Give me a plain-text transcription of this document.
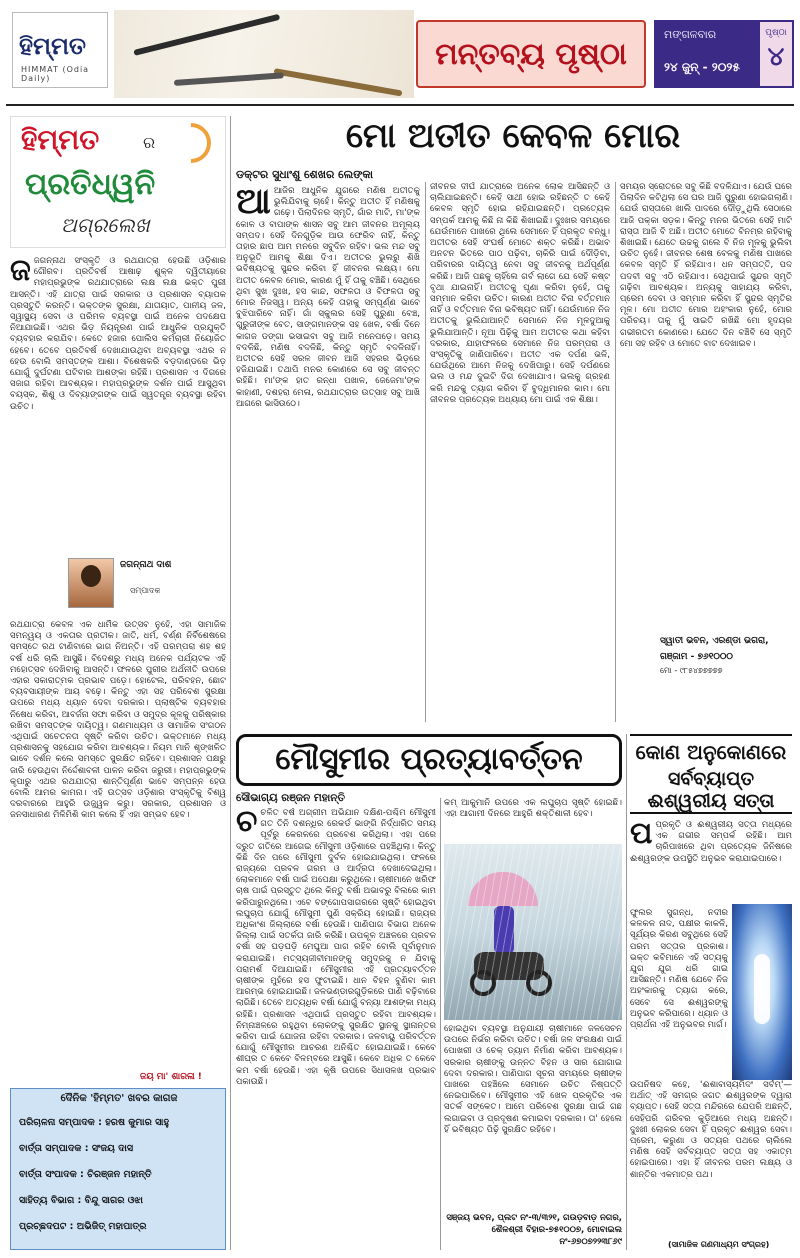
ହିମ୍ମତ
HIMMAT (Odia Daily)
ମନ୍ତବ୍ୟ ପୃଷ୍ଠା
ମଙ୍ଗଳବାର
୨୪ ଜୁନ୍ - ୨୦୨୫
ପୃଷ୍ଠା
୪
ହିମ୍ମତ	ର
ପ୍ରତିଧ୍ୱନି
ଅଗ୍ରଲେଖ
ଜ ଜଗନ୍ନାଥ ସଂସ୍କୃତି ଓ ରଥଯାତ୍ରା ହେଉଛି ଓଡ଼ିଶାର ଗୌରବ। ପ୍ରତିବର୍ଷ ଆଷାଢ଼ ଶୁକ୍ଳ ଦ୍ୱିତୀୟାରେ ମହାପ୍ରଭୁଙ୍କ ରଥଯାତ୍ରାରେ ଲକ୍ଷ ଲକ୍ଷ ଭକ୍ତ ପୁରୀ ଆସନ୍ତି। ଏହି ଯାତ୍ରା ପାଇଁ ସରକାର ଓ ପ୍ରଶାସନ ବ୍ୟାପକ ପ୍ରସ୍ତୁତି କରନ୍ତି। ଭକ୍ତଙ୍କ ସୁରକ୍ଷା, ଯାତାୟାତ, ପାନୀୟ ଜଳ, ସ୍ୱାସ୍ଥ୍ୟ ସେବା ଓ ପରିମଳ ବ୍ୟବସ୍ଥା ପାଇଁ ଅନେକ ପଦକ୍ଷେପ ନିଆଯାଇଛି। ଏଥର ଭିଡ଼ ନିୟନ୍ତ୍ରଣ ପାଇଁ ଆଧୁନିକ ପ୍ରଯୁକ୍ତି ବ୍ୟବହାର କରାଯିବ। କେତେ ହଜାର ପୋଲିସ କର୍ମଚାରୀ ନିୟୋଜିତ ହେବେ। ତେବେ ପ୍ରତିବର୍ଷ ଦେଖାଯାଉଥିବା ଅବ୍ୟବସ୍ଥା ଏଥର ନ ହେଉ ବୋଲି ସମସ୍ତଙ୍କ ଆଶା। ବିଶେଷକରି ବଡ଼ଦାଣ୍ଡରେ ଭିଡ଼ ଯୋଗୁଁ ଦୁର୍ଘଟଣା ଘଟିବାର ଆଶଙ୍କା ରହିଛି। ପ୍ରଶାସନ ଏ ଦିଗରେ ସଜାଗ ରହିବା ଆବଶ୍ୟକ। ମହାପ୍ରଭୁଙ୍କ ଦର୍ଶନ ପାଇଁ ଆସୁଥିବା ବୟସ୍କ, ଶିଶୁ ଓ ଦିବ୍ୟାଙ୍ଗଙ୍କ ପାଇଁ ସ୍ୱତନ୍ତ୍ର ବ୍ୟବସ୍ଥା ରହିବା ଉଚିତ।
ଜଗନ୍ନାଥ ଦାଶ
ସମ୍ପାଦକ
ରଥଯାତ୍ରା କେବଳ ଏକ ଧାର୍ମିକ ଉତ୍ସବ ନୁହେଁ, ଏହା ସାମାଜିକ ସମନ୍ୱୟ ଓ ଏକତାର ପ୍ରତୀକ। ଜାତି, ଧର୍ମ, ବର୍ଣ୍ଣ ନିର୍ବିଶେଷରେ ସମସ୍ତେ ରଥ ଟାଣିବାରେ ଭାଗ ନିଅନ୍ତି। ଏହି ପରମ୍ପରା ଶହ ଶହ ବର୍ଷ ଧରି ଚାଲି ଆସୁଛି। ବିଦେଶରୁ ମଧ୍ୟ ଅନେକ ପର୍ଯ୍ୟଟକ ଏହି ମହୋତ୍ସବ ଦେଖିବାକୁ ଆସନ୍ତି। ଫଳରେ ପୁରୀର ଅର୍ଥନୀତି ଉପରେ ଏହାର ସକାରାତ୍ମକ ପ୍ରଭାବ ପଡ଼େ। ହୋଟେଲ, ପରିବହନ, ଛୋଟ ବ୍ୟବସାୟୀଙ୍କ ଆୟ ବଢ଼େ। କିନ୍ତୁ ଏହା ସହ ପରିବେଶ ସୁରକ୍ଷା ଉପରେ ମଧ୍ୟ ଧ୍ୟାନ ଦେବା ଦରକାର। ପ୍ଲାଷ୍ଟିକ ବ୍ୟବହାର ନିଷେଧ କରିବା, ଆବର୍ଜନା ସଫା କରିବା ଓ ସମୁଦ୍ର କୂଳକୁ ପରିଷ୍କାର ରଖିବା ସମସ୍ତଙ୍କ ଦାୟିତ୍ୱ। ଗଣମାଧ୍ୟମ ଓ ସାମାଜିକ ସଂଗଠନ ଏଥିପାଇଁ ସଚେତନତା ସୃଷ୍ଟି କରିବା ଉଚିତ। ଭକ୍ତମାନେ ମଧ୍ୟ ପ୍ରଶାସନକୁ ସହଯୋଗ କରିବା ଆବଶ୍ୟକ। ନିୟମ ମାନି ଶୃଙ୍ଖଳିତ ଭାବେ ଦର୍ଶନ କଲେ ସମସ୍ତେ ସୁରକ୍ଷିତ ରହିବେ। ପ୍ରଶାସନ ପକ୍ଷରୁ ଜାରି ହେଉଥିବା ନିର୍ଦ୍ଦେଶାବଳୀ ପାଳନ କରିବା ଜରୁରୀ। ମହାପ୍ରଭୁଙ୍କ କୃପାରୁ ଏଥର ରଥଯାତ୍ରା ଶାନ୍ତିପୂର୍ଣ୍ଣ ଭାବେ ସମ୍ପନ୍ନ ହେଉ ବୋଲି ଆମର କାମନା। ଏହି ଉତ୍ସବ ଓଡ଼ିଶାର ସଂସ୍କୃତିକୁ ବିଶ୍ୱ ଦରବାରରେ ଆହୁରି ଉଜ୍ଜ୍ୱଳ କରୁ। ସରକାର, ପ୍ରଶାସନ ଓ ଜନସାଧାରଣ ମିଳିମିଶି କାମ କଲେ ହିଁ ଏହା ସମ୍ଭବ ହେବ।
ଜୟ ମା' ଶାରଳା !
ଦୈନିକ 'ହିମ୍ମତ' ଖବର କାଗଜ
ପରିଚାଳନା ସମ୍ପାଦକ : ହରଷ କୁମାର ସାହୁ
ବାର୍ତ୍ତା ସମ୍ପାଦକ : ସଂଜୟ ଦାସ
ବାର୍ତ୍ତା ସଂପାଦକ : ଚିରଞ୍ଜନ ମହାନ୍ତି
ସାହିତ୍ୟ ବିଭାଗ : ବିନ୍ଦୁ ସାଗର ଓଝା
ପ୍ରଚ୍ଛଦପଟ : ଅଭିଜିତ୍ ମହାପାତ୍ର
ମୋ ଅତୀତ କେବଳ ମୋର
ଡକ୍ଟର ସୁଧାଂଶୁ ଶେଖର ଲେଙ୍କା
ଆ ଆଜିର ଆଧୁନିକ ଯୁଗରେ ମଣିଷ ଅତୀତକୁ ଭୁଲିଯିବାକୁ ଚାହେଁ। କିନ୍ତୁ ଅତୀତ ହିଁ ମଣିଷକୁ ଗଢ଼େ। ପିଲାଦିନର ସ୍ମୃତି, ଗାଁର ମାଟି, ମା'ଙ୍କ କୋଳ ଓ ବାପାଙ୍କ ଶାସନ ସବୁ ଆମ ଜୀବନର ଅମୂଲ୍ୟ ସମ୍ପଦ। ସେହି ଦିନଗୁଡ଼ିକ ଆଉ ଫେରିବ ନାହିଁ, କିନ୍ତୁ ତାହାର ଛାପ ଆମ ମନରେ ସବୁଦିନ ରହିବ। ଭଲ ମନ୍ଦ ସବୁ ଅନୁଭୂତି ଆମକୁ ଶିକ୍ଷା ଦିଏ। ଅତୀତର ଭୁଲରୁ ଶିଖି ଭବିଷ୍ୟତକୁ ସୁନ୍ଦର କରିବା ହିଁ ଜୀବନର ଲକ୍ଷ୍ୟ। ମୋ ଅତୀତ କେବଳ ମୋର, କାରଣ ମୁଁ ହିଁ ତାକୁ ବଞ୍ଚିଛି। ସେଥିରେ ଥିବା ସୁଖ ଦୁଃଖ, ହସ କାନ୍ଦ, ସଫଳତା ଓ ବିଫଳତା ସବୁ ମୋର ନିଜସ୍ୱ। ଅନ୍ୟ କେହି ତାହାକୁ ସମ୍ପୂର୍ଣ୍ଣ ଭାବେ ବୁଝିପାରିବେ ନାହିଁ। ଗାଁ ସ୍କୁଲର ସେହି ପୁରୁଣା ବେଞ୍ଚ, ଗୁରୁଜୀଙ୍କ ବେତ, ସାଙ୍ଗମାନଙ୍କ ସହ ଖେଳ, ବର୍ଷା ଦିନେ କାଗଜ ଡଙ୍ଗା ଭସାଇବା ସବୁ ଆଜି ମନେପଡ଼େ। ସମୟ ବଦଳିଛି, ମଣିଷ ବଦଳିଛି, କିନ୍ତୁ ସ୍ମୃତି ବଦଳିନାହିଁ। ଅତୀତର ସେହି ସରଳ ଜୀବନ ଆଜି ସହରର ଭିଡ଼ରେ ହଜିଯାଇଛି। ତଥାପି ମନର କୋଣରେ ସେ ସବୁ ଜୀବନ୍ତ ରହିଛି। ମା'ଙ୍କ ହାତ ରନ୍ଧା ପଖାଳ, ଜେଜେମା'ଙ୍କ କାହାଣୀ, ଦଶହରା ମେଳା, ରଥଯାତ୍ରାର ଉତ୍ସାହ ସବୁ ଆଖି ଆଗରେ ଭାସିଉଠେ।
ଜୀବନର ଦୀର୍ଘ ଯାତ୍ରାରେ ଅନେକ ଲୋକ ଆସିଛନ୍ତି ଓ ଚାଲିଯାଇଛନ୍ତି। କେହି ସାଥୀ ହୋଇ ରହିଛନ୍ତି ତ କେହି କେବଳ ସ୍ମୃତି ହୋଇ ରହିଯାଇଛନ୍ତି। ପ୍ରତ୍ୟେକ ସମ୍ପର୍କ ଆମକୁ କିଛି ନା କିଛି ଶିଖାଇଛି। ଦୁଃଖର ସମୟରେ ଯେଉଁମାନେ ପାଖରେ ଥିଲେ ସେମାନେ ହିଁ ପ୍ରକୃତ ବନ୍ଧୁ। ଅତୀତର ସେହି ସଂଘର୍ଷ ମୋତେ ଶକ୍ତ କରିଛି। ଅଭାବ ଅନଟନ ଭିତରେ ପାଠ ପଢ଼ିବା, ଚାକିରି ପାଇଁ ଦୌଡ଼ିବା, ପରିବାରର ଦାୟିତ୍ୱ ନେବା ସବୁ ଜୀବନକୁ ଅର୍ଥପୂର୍ଣ୍ଣ କରିଛି। ଆଜି ପଛକୁ ଚାହିଁଲେ ଗର୍ବ ଲାଗେ ଯେ ସେହି କଷ୍ଟ ବୃଥା ଯାଇନାହିଁ। ଅତୀତକୁ ଘୃଣା କରିବା ନୁହେଁ, ତାକୁ ସମ୍ମାନ କରିବା ଉଚିତ। କାରଣ ଅତୀତ ବିନା ବର୍ତ୍ତମାନ ନାହିଁ ଓ ବର୍ତ୍ତମାନ ବିନା ଭବିଷ୍ୟତ ନାହିଁ। ଯେଉଁମାନେ ନିଜ ଅତୀତକୁ ଭୁଲିଯାଆନ୍ତି ସେମାନେ ନିଜ ମୂଳଦୁଆକୁ ଭୁଲିଯାଆନ୍ତି। ନୂଆ ପିଢ଼ିକୁ ଆମ ଅତୀତର କଥା କହିବା ଦରକାର, ଯାହାଫଳରେ ସେମାନେ ନିଜ ପରମ୍ପରା ଓ ସଂସ୍କୃତିକୁ ଜାଣିପାରିବେ। ଅତୀତ ଏକ ଦର୍ପଣ ଭଳି, ଯେଉଁଥିରେ ଆମେ ନିଜକୁ ଦେଖିପାରୁ। ସେହି ଦର୍ପଣରେ ଭଲ ଓ ମନ୍ଦ ଦୁଇଟି ଦିଗ ଦେଖାଯାଏ। ଭଲକୁ ଗ୍ରହଣ କରି ମନ୍ଦକୁ ତ୍ୟାଗ କରିବା ହିଁ ବୁଦ୍ଧିମାନର କାମ। ମୋ ଜୀବନର ପ୍ରତ୍ୟେକ ଅଧ୍ୟାୟ ମୋ ପାଇଁ ଏକ ଶିକ୍ଷା।
ସମୟର ସ୍ରୋତରେ ସବୁ କିଛି ବଦଳିଯାଏ। ଯେଉଁ ଘରେ ପିଲାଦିନ କଟିଥିଲା ସେ ଘର ଆଜି ପୁରୁଣା ହୋଇଗଲାଣି। ଯେଉଁ ରାସ୍ତାରେ ଖାଲି ପାଦରେ ଦୌଡ଼ୁଥିଲି ସେଠାରେ ଆଜି ପକ୍କା ସଡ଼କ। କିନ୍ତୁ ମନର ଭିତରେ ସେହି ମାଟି ରାସ୍ତା ଆଜି ବି ଅଛି। ଅତୀତ ମୋତେ ବିନମ୍ର ରହିବାକୁ ଶିଖାଇଛି। ଯେତେ ଉଚ୍ଚକୁ ଗଲେ ବି ନିଜ ମୂଳକୁ ଭୁଲିବା ଉଚିତ ନୁହେଁ। ଜୀବନର ଶେଷ ବେଳକୁ ମଣିଷ ପାଖରେ କେବଳ ସ୍ମୃତି ହିଁ ରହିଯାଏ। ଧନ ସମ୍ପତ୍ତି, ପଦ ପଦବୀ ସବୁ ଏଠି ରହିଯାଏ। ସେଥିପାଇଁ ସୁନ୍ଦର ସ୍ମୃତି ଗଢ଼ିବା ଆବଶ୍ୟକ। ଅନ୍ୟକୁ ସାହାଯ୍ୟ କରିବା, ପ୍ରେମ ଦେବା ଓ ସମ୍ମାନ କରିବା ହିଁ ସୁନ୍ଦର ସ୍ମୃତିର ମୂଳ। ମୋ ଅତୀତ ମୋର ଅହଂକାର ନୁହେଁ, ମୋର ପରିଚୟ। ତାକୁ ମୁଁ ସାଇତି ରଖିଛି ମୋ ହୃଦୟର ଗଭୀରତମ କୋଣରେ। ଯେତେ ଦିନ ବଞ୍ଚିବି ସେ ସ୍ମୃତି ମୋ ସହ ରହିବ ଓ ମୋତେ ବାଟ ଦେଖାଇବ।
ସ୍ୱାତୀ ଭବନ, ଏରଣ୍ଡା ଭଗରା,
ଗଞ୍ଜାମ - ୭୬୧୦୦୦
ମୋ - ୯୮୫୪୭୭୭୭୭
ମୌସୁମୀର ପ୍ରତ୍ୟାବର୍ତ୍ତନ
ସୌଭାଗ୍ୟ ରଞ୍ଜନ ମହାନ୍ତି
ଚ ଚଳିତ ବର୍ଷ ଅଗ୍ରୀମ ଅଭିଯାନ ଦକ୍ଷିଣ-ପଶ୍ଚିମ ମୌସୁମୀ ଗତ ତିନି ଦଶନ୍ଧିର ରେକର୍ଡ ଭାଙ୍ଗି ନିର୍ଦ୍ଧାରିତ ସମୟ ପୂର୍ବରୁ କେରଳରେ ପ୍ରବେଶ କରିଥିଲା। ଏହା ପରେ ଦ୍ରୁତ ଗତିରେ ଆଗେଇ ମୌସୁମୀ ଓଡ଼ିଶାରେ ପହଞ୍ଚିଥିଲା। କିନ୍ତୁ କିଛି ଦିନ ପରେ ମୌସୁମୀ ଦୁର୍ବଳ ହୋଇଯାଇଥିଲା। ଫଳରେ ରାଜ୍ୟରେ ପ୍ରବଳ ଗରମ ଓ ଆର୍ଦ୍ରତା ଦେଖାଦେଇଥିଲା। ଲୋକମାନେ ବର୍ଷା ପାଇଁ ଅପେକ୍ଷା କରୁଥିଲେ। ଚାଷୀମାନେ ଖରିଫ ଚାଷ ପାଇଁ ପ୍ରସ୍ତୁତ ଥିଲେ କିନ୍ତୁ ବର୍ଷା ଅଭାବରୁ ବିଲରେ କାମ କରିପାରୁନଥିଲେ। ଏବେ ବଙ୍ଗୋପସାଗରରେ ସୃଷ୍ଟି ହୋଇଥିବା ଲଘୁଚାପ ଯୋଗୁଁ ମୌସୁମୀ ପୁଣି ସକ୍ରିୟ ହୋଇଛି। ରାଜ୍ୟର ଅଧିକାଂଶ ଜିଲ୍ଲାରେ ବର୍ଷା ହେଉଛି। ପାଣିପାଗ ବିଭାଗ ଅନେକ ଜିଲ୍ଲା ପାଇଁ ସତର୍କତା ଜାରି କରିଛି। ଉପକୂଳ ଅଞ୍ଚଳରେ ପ୍ରବଳ ବର୍ଷା ସହ ଘଡ଼ଘଡ଼ି ମେଘୁଆ ପାଗ ରହିବ ବୋଲି ପୂର୍ବାନୁମାନ କରାଯାଇଛି। ମତ୍ସ୍ୟଜୀବୀମାନଙ୍କୁ ସମୁଦ୍ରକୁ ନ ଯିବାକୁ ପରାମର୍ଶ ଦିଆଯାଇଛି। ମୌସୁମୀର ଏହି ପ୍ରତ୍ୟାବର୍ତ୍ତନ ଚାଷୀଙ୍କ ମୁହଁରେ ହସ ଫୁଟାଇଛି। ଧାନ ବିହନ ବୁଣିବା କାମ ଆରମ୍ଭ ହୋଇଯାଇଛି। ଜଳଭଣ୍ଡାରଗୁଡ଼ିକରେ ପାଣି ବଢ଼ିବାରେ ଲାଗିଛି। ତେବେ ଅତ୍ୟଧିକ ବର୍ଷା ଯୋଗୁଁ ବନ୍ୟା ଆଶଙ୍କା ମଧ୍ୟ ରହିଛି। ପ୍ରଶାସନ ଏଥିପାଇଁ ପ୍ରସ୍ତୁତ ରହିବା ଆବଶ୍ୟକ। ନିମ୍ନାଞ୍ଚଳରେ ରହୁଥିବା ଲୋକଙ୍କୁ ସୁରକ୍ଷିତ ସ୍ଥାନକୁ ସ୍ଥାନାନ୍ତର କରିବା ପାଇଁ ଯୋଜନା ରହିବା ଦରକାର। ଜଳବାୟୁ ପରିବର୍ତ୍ତନ ଯୋଗୁଁ ମୌସୁମୀର ଆଚରଣ ଅନିଶ୍ଚିତ ହୋଇଯାଇଛି। କେବେ ଶୀଘ୍ର ତ କେବେ ବିଳମ୍ବରେ ଆସୁଛି। କେବେ ଅଧିକ ତ କେବେ କମ ବର୍ଷା ହେଉଛି। ଏହା କୃଷି ଉପରେ ସିଧାସଳଖ ପ୍ରଭାବ ପକାଉଛି।
କମ୍ ଆକୁମାନି ଉପରେ ଏକ ଲଘୁଚାପ ସୃଷ୍ଟି ହୋଇଛି। ଏହା ଆଗାମୀ ଦିନରେ ଆହୁରି ଶକ୍ତିଶାଳୀ ହେବ।
ହୋଇଥିବା ବ୍ୟବସ୍ଥା ଅନୁଯାୟୀ ଚାଷୀମାନେ ଜଳସେଚନ ଉପରେ ନିର୍ଭର କରିବା ଉଚିତ। ବର୍ଷା ଜଳ ସଂରକ୍ଷଣ ପାଇଁ ପୋଖରୀ ଓ ଚେକ୍ ଡ୍ୟାମ ନିର୍ମାଣ କରିବା ଆବଶ୍ୟକ। ସରକାର ଚାଷୀଙ୍କୁ ଉନ୍ନତ ବିହନ ଓ ସାର ଯୋଗାଇ ଦେବା ଦରକାର। ପାଣିପାଗ ସୂଚନା ସମୟରେ ଚାଷୀଙ୍କ ପାଖରେ ପହଞ୍ଚିଲେ ସେମାନେ ଉଚିତ ନିଷ୍ପତ୍ତି ନେଇପାରିବେ। ମୌସୁମୀର ଏହି ଖେଳ ପ୍ରକୃତିର ଏକ ସତର୍କ ସଙ୍କେତ। ଆମେ ପରିବେଶ ସୁରକ୍ଷା ପାଇଁ ଗଛ ଲଗାଇବା ଓ ପ୍ରଦୂଷଣ କମାଇବା ଦରକାର। ତା' ହେଲେ ହିଁ ଭବିଷ୍ୟତ ପିଢ଼ି ସୁରକ୍ଷିତ ରହିବେ।
ସଞ୍ଜୟ ଭବନ, ପ୍ଲଟ ନଂ-୩/୩୨୧, ଗଉଡ଼ବାଡ଼ ନଗର, ଶୈଳଶ୍ରୀ ବିହାର-୭୫୧୦୦୭, ମୋବାଇଲ ନଂ-୬୭୦୭୨୨୩୮୬୯
କୋଣ ଅନୁକୋଣରେ
ସର୍ବବ୍ୟାପ୍ତ ଈଶ୍ୱରୀୟ ସତ୍ତା
ପ ପ୍ରକୃତି ଓ ଈଶ୍ୱରୀୟ ସତ୍ତା ମଧ୍ୟରେ ଏକ ଗଭୀର ସମ୍ପର୍କ ରହିଛି। ଆମ ଚାରିପାଖରେ ଥିବା ପ୍ରତ୍ୟେକ ଜିନିଷରେ ଈଶ୍ୱରଙ୍କ ଉପସ୍ଥିତି ଅନୁଭବ କରାଯାଇପାରେ।
ଫୁଲର ସୁଗନ୍ଧ, ନଦୀର କଳକଳ ନାଦ, ପକ୍ଷୀର କାକଳି, ସୂର୍ଯ୍ୟର କିରଣ ସବୁଥିରେ ସେହି ପରମ ସତ୍ତାର ପ୍ରକାଶ। ଭକ୍ତ କବିମାନେ ଏହି ସତ୍ୟକୁ ଯୁଗ ଯୁଗ ଧରି ଗାଇ ଆସିଛନ୍ତି। ମଣିଷ ଯେବେ ନିଜ ଅହଂକାରକୁ ତ୍ୟାଗ କରେ, ସେବେ ସେ ଈଶ୍ୱରଙ୍କୁ ଅନୁଭବ କରିପାରେ। ଧ୍ୟାନ ଓ ପ୍ରାର୍ଥନା ଏହି ଅନୁଭବର ମାର୍ଗ।
ଉପନିଷଦ କହେ, 'ଈଶାବାସ୍ୟମିଦଂ ସର୍ବମ୍'— ଅର୍ଥାତ୍ ଏହି ସମଗ୍ର ଜଗତ ଈଶ୍ୱରଙ୍କ ଦ୍ୱାରା ବ୍ୟାପ୍ତ। ସେହି ସତ୍ତା ମନ୍ଦିରରେ ଯେପରି ଅଛନ୍ତି, ସେହିପରି ଗରିବର କୁଡ଼ିଆରେ ମଧ୍ୟ ଅଛନ୍ତି। ଦୁଃଖୀ ଲୋକର ସେବା ହିଁ ପ୍ରକୃତ ଈଶ୍ୱର ସେବା। ପ୍ରେମ, କରୁଣା ଓ ସତ୍ୟର ପଥରେ ଚାଲିଲେ ମଣିଷ ସେହି ସର୍ବବ୍ୟାପ୍ତ ସତ୍ତା ସହ ଏକାତ୍ମ ହୋଇପାରେ। ଏହା ହିଁ ଜୀବନର ପରମ ଲକ୍ଷ୍ୟ ଓ ଶାନ୍ତିର ଏକମାତ୍ର ପଥ।
(ସାମାଜିକ ଗଣମାଧ୍ୟମ ସଂଗ୍ରହ)
